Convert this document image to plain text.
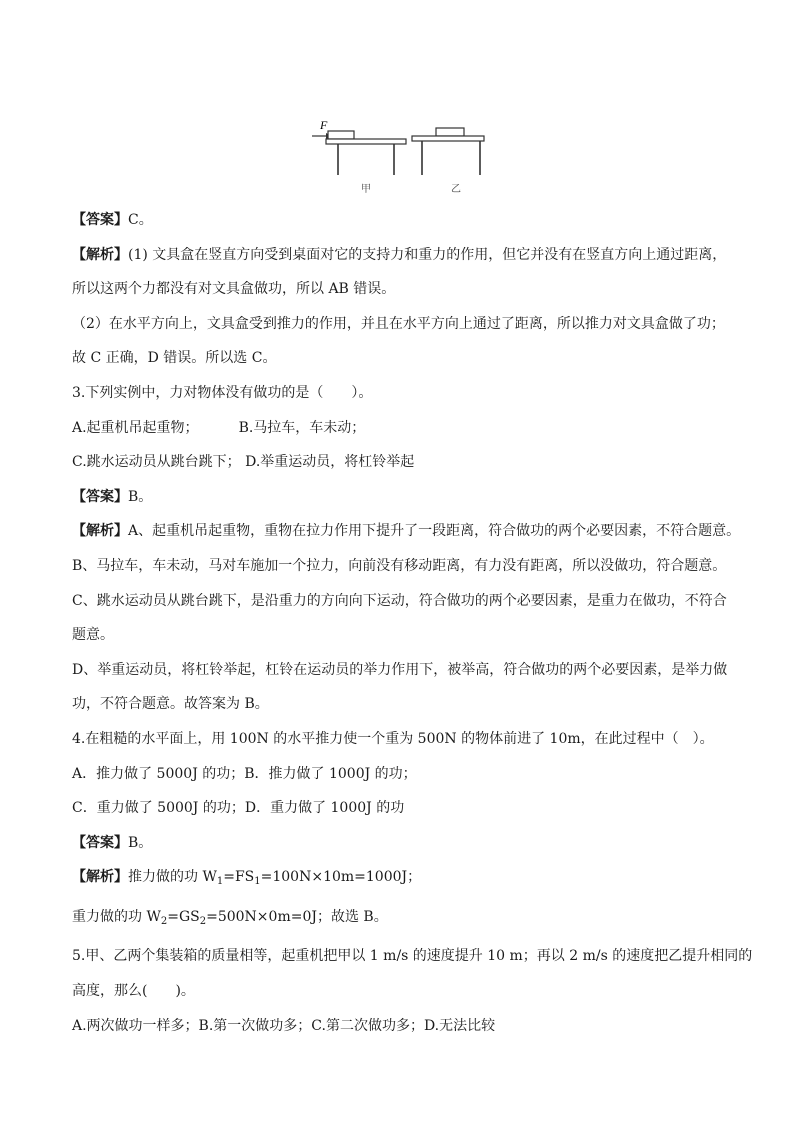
F
甲	乙

【答案】C。

【解析】(1) 文具盒在竖直方向受到桌面对它的支持力和重力的作用，但它并没有在竖直方向上通过距离，

所以这两个力都没有对文具盒做功，所以 AB 错误。

（2）在水平方向上，文具盒受到推力的作用，并且在水平方向上通过了距离，所以推力对文具盒做了功；

故 C 正确，D 错误。所以选 C。

3.下列实例中，力对物体没有做功的是（　　）。

A.起重机吊起重物；	B.马拉车，车未动；

C.跳水运动员从跳台跳下； D.举重运动员，将杠铃举起

【答案】B。

【解析】A、起重机吊起重物，重物在拉力作用下提升了一段距离，符合做功的两个必要因素，不符合题意。

B、马拉车，车未动，马对车施加一个拉力，向前没有移动距离，有力没有距离，所以没做功，符合题意。

C、跳水运动员从跳台跳下，是沿重力的方向向下运动，符合做功的两个必要因素，是重力在做功，不符合

题意。

D、举重运动员，将杠铃举起，杠铃在运动员的举力作用下，被举高，符合做功的两个必要因素，是举力做

功，不符合题意。故答案为 B。

4.在粗糙的水平面上，用 100N 的水平推力使一个重为 500N 的物体前进了 10m，在此过程中（　）。

A．推力做了 5000J 的功；B．推力做了 1000J 的功；

C．重力做了 5000J 的功；D．重力做了 1000J 的功

【答案】B。

【解析】推力做的功 $W_1=FS_1=100N\times 10m=1000J$；

重力做的功 $W_2=GS_2=500N\times 0m=0J$；故选 B。

5.甲、乙两个集装箱的质量相等，起重机把甲以 1 m/s 的速度提升 10 m；再以 2 m/s 的速度把乙提升相同的

高度，那么(　　)。

A.两次做功一样多；B.第一次做功多；C.第二次做功多；D.无法比较
